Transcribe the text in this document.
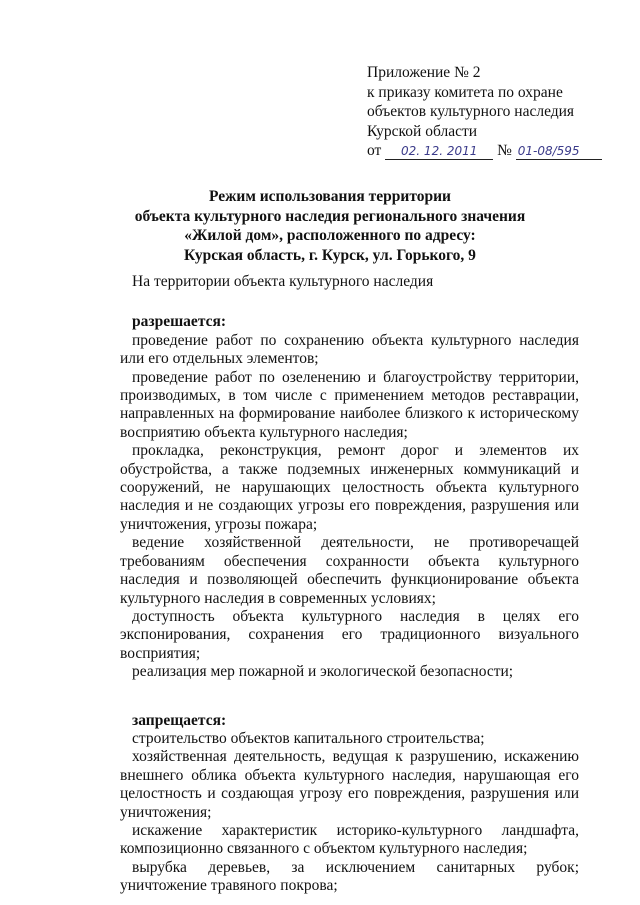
Приложение № 2
к приказу комитета по охране
объектов культурного наследия
Курской области
от 02. 12. 2011 № 01-08/595
Режим использования территории
объекта культурного наследия регионального значения
«Жилой дом», расположенного по адресу:
Курская область, г. Курск, ул. Горького, 9

На территории объекта культурного наследия

разрешается:

проведение работ по сохранению объекта культурного наследия или его отдельных элементов;

проведение работ по озеленению и благоустройству территории, производимых, в том числе с применением методов реставрации, направленных на формирование наиболее близкого к историческому восприятию объекта культурного наследия;

прокладка, реконструкция, ремонт дорог и элементов их обустройства, а также подземных инженерных коммуникаций и сооружений, не нарушающих целостность объекта культурного наследия и не создающих угрозы его повреждения, разрушения или уничтожения, угрозы пожара;

ведение хозяйственной деятельности, не противоречащей требованиям обеспечения сохранности объекта культурного наследия и позволяющей обеспечить функционирование объекта культурного наследия в современных условиях;

доступность объекта культурного наследия в целях его экспонирования, сохранения его традиционного визуального восприятия;

реализация мер пожарной и экологической безопасности;

запрещается:

строительство объектов капитального строительства;

хозяйственная деятельность, ведущая к разрушению, искажению внешнего облика объекта культурного наследия, нарушающая его целостность и создающая угрозу его повреждения, разрушения или уничтожения;

искажение характеристик историко-культурного ландшафта, композиционно связанного с объектом культурного наследия;

вырубка деревьев, за исключением санитарных рубок; уничтожение травяного покрова;
